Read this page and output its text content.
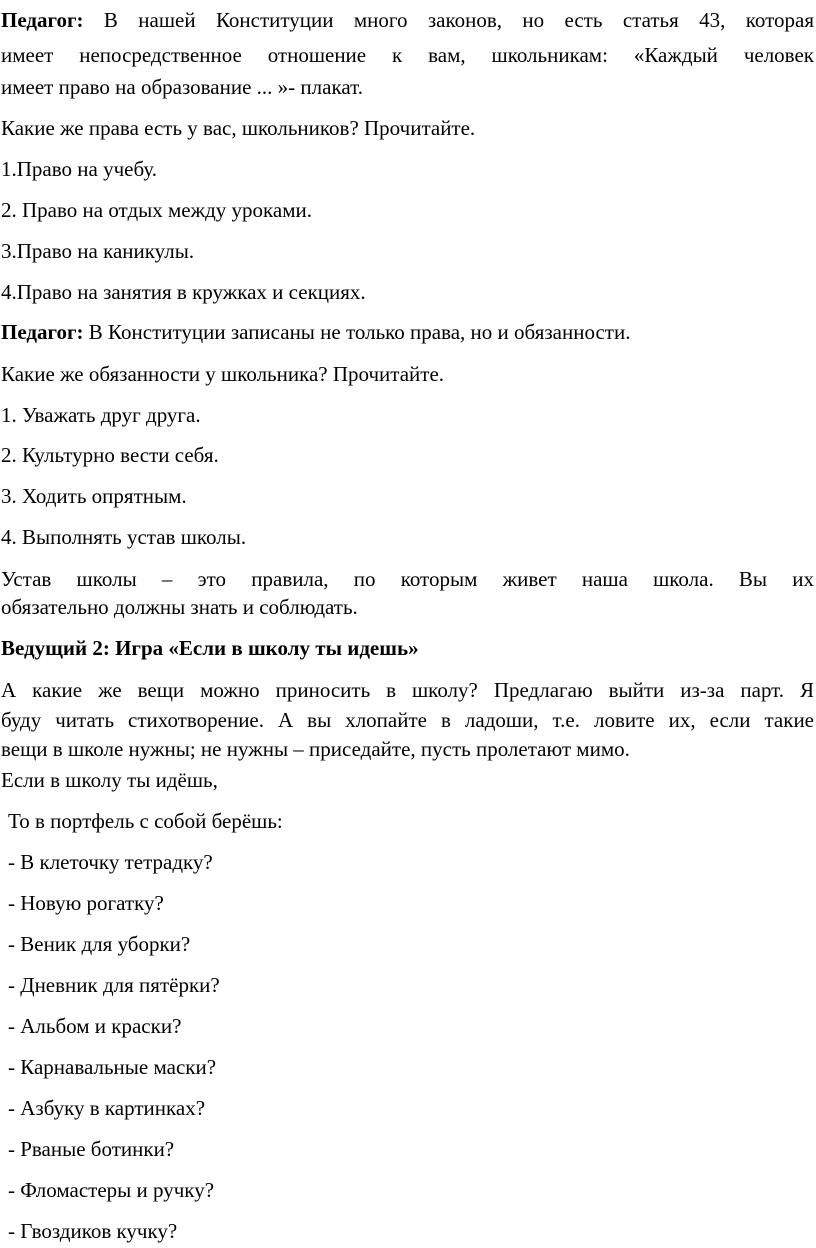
Педагог: В нашей Конституции много законов, но есть статья 43, которая
имеет непосредственное отношение к вам, школьникам: «Каждый человек
имеет право на образование ... »- плакат.
Какие же права есть у вас, школьников? Прочитайте.
1.Право на учебу.
2. Право на отдых между уроками.
3.Право на каникулы.
4.Право на занятия в кружках и секциях.
Педагог: В Конституции записаны не только права, но и обязанности.
Какие же обязанности у школьника? Прочитайте.
1. Уважать друг друга.
2. Культурно вести себя.
3. Ходить опрятным.
4. Выполнять устав школы.
Устав школы – это правила, по которым живет наша школа. Вы их
обязательно должны знать и соблюдать.
Ведущий 2: Игра «Если в школу ты идешь»
А какие же вещи можно приносить в школу? Предлагаю выйти из-за парт. Я
буду читать стихотворение. А вы хлопайте в ладоши, т.е. ловите их, если такие
вещи в школе нужны; не нужны – приседайте, пусть пролетают мимо.
Если в школу ты идёшь,
То в портфель с собой берёшь:
- В клеточку тетрадку?
- Новую рогатку?
- Веник для уборки?
- Дневник для пятёрки?
- Альбом и краски?
- Карнавальные маски?
- Азбуку в картинках?
- Рваные ботинки?
- Фломастеры и ручку?
- Гвоздиков кучку?
